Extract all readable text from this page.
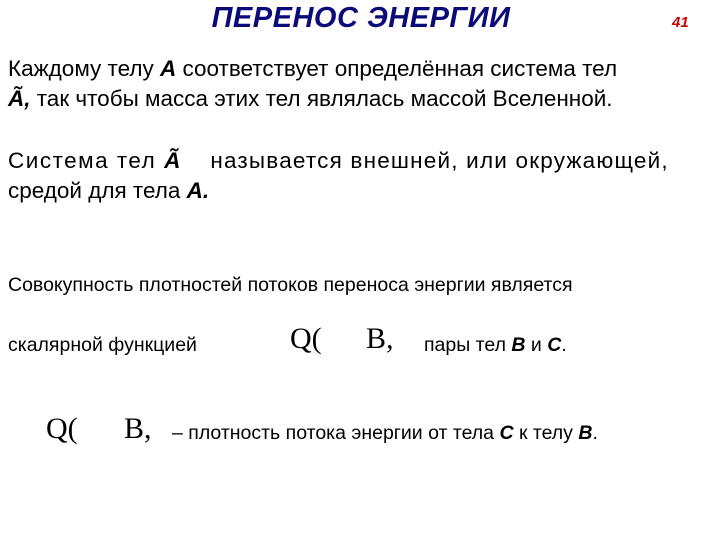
ПЕРЕНОС ЭНЕРГИИ	41
Каждому телу A соответствует определённая система тел
Ã, так чтобы масса этих тел являлась массой Вселенной.
Система тел Ã называется внешней, или окружающей,
средой для тела A.
Совокупность плотностей потоков переноса энергии является
скалярной функцией	Q( B, пары тел B и C.
Q( B, – плотность потока энергии от тела C к телу B.
